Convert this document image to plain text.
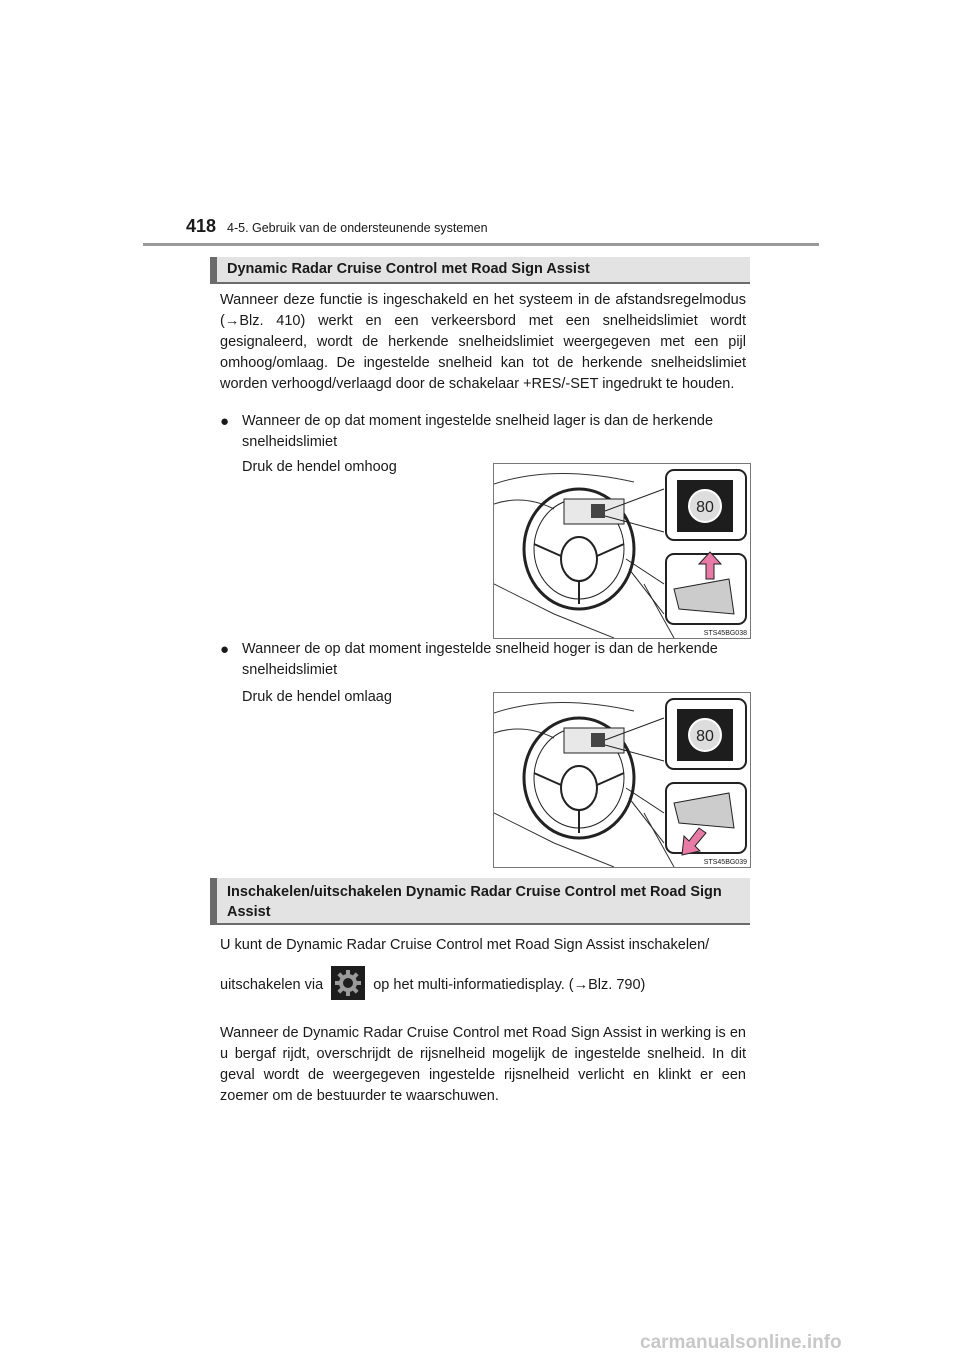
418 4-5. Gebruik van de ondersteunende systemen
Dynamic Radar Cruise Control met Road Sign Assist
Wanneer deze functie is ingeschakeld en het systeem in de afstandsregelmodus (→Blz. 410) werkt en een verkeersbord met een snelheidslimiet wordt gesignaleerd, wordt de herkende snelheidslimiet weergegeven met een pijl omhoog/omlaag. De ingestelde snelheid kan tot de herkende snelheidslimiet worden verhoogd/verlaagd door de schakelaar +RES/-SET ingedrukt te houden.
● Wanneer de op dat moment ingestelde snelheid lager is dan de herkende snelheidslimiet
Druk de hendel omhoog
80
STS45BG038
● Wanneer de op dat moment ingestelde snelheid hoger is dan de herkende snelheidslimiet
Druk de hendel omlaag
80
STS45BG039
Inschakelen/uitschakelen Dynamic Radar Cruise Control met Road Sign Assist
U kunt de Dynamic Radar Cruise Control met Road Sign Assist inschakelen/
uitschakelen via	op het multi-informatiedisplay. (→Blz. 790)
Wanneer de Dynamic Radar Cruise Control met Road Sign Assist in werking is en u bergaf rijdt, overschrijdt de rijsnelheid mogelijk de ingestelde snelheid. In dit geval wordt de weergegeven ingestelde rijsnelheid verlicht en klinkt er een zoemer om de bestuurder te waarschuwen.
carmanualsonline.info
